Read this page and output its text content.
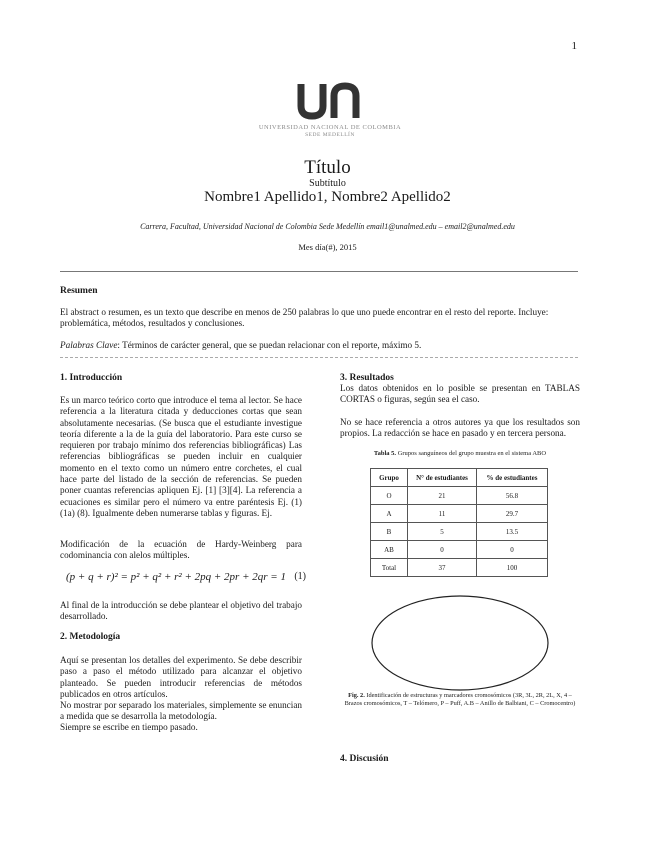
1
UNIVERSIDAD NACIONAL DE COLOMBIA
SEDE MEDELLÍN
Título
Subtítulo
Nombre1 Apellido1, Nombre2 Apellido2
Carrera, Facultad, Universidad Nacional de Colombia Sede Medellín email1@unalmed.edu – email2@unalmed.edu
Mes día(#), 2015
Resumen
El abstract o resumen, es un texto que describe en menos de 250 palabras lo que uno puede encontrar en el resto del reporte. Incluye: problemática, métodos, resultados y conclusiones.
Palabras Clave: Términos de carácter general, que se puedan relacionar con el reporte, máximo 5.
1. Introducción
Es un marco teórico corto que introduce el tema al lector. Se hace referencia a la literatura citada y deducciones cortas que sean absolutamente necesarias. (Se busca que el estudiante investigue teoría diferente a la de la guía del laboratorio. Para este curso se requieren por trabajo mínimo dos referencias bibliográficas) Las referencias bibliográficas se pueden incluir en cualquier momento en el texto como un número entre corchetes, el cual hace parte del listado de la sección de referencias. Se pueden poner cuantas referencias apliquen Ej. [1] [3][4]. La referencia a ecuaciones es similar pero el número va entre paréntesis Ej. (1) (1a) (8). Igualmente deben numerarse tablas y figuras. Ej.
Modificación de la ecuación de Hardy-Weinberg para codominancia con alelos múltiples.
(p + q + r)² = p² + q² + r² + 2pq + 2pr + 2qr = 1 (1)
Al final de la introducción se debe plantear el objetivo del trabajo desarrollado.
2. Metodología
Aquí se presentan los detalles del experimento. Se debe describir paso a paso el método utilizado para alcanzar el objetivo planteado. Se pueden introducir referencias de métodos publicados en otros artículos.
No mostrar por separado los materiales, simplemente se enuncian a medida que se desarrolla la metodología.
Siempre se escribe en tiempo pasado.
3. Resultados
Los datos obtenidos en lo posible se presentan en TABLAS CORTAS o figuras, según sea el caso.
No se hace referencia a otros autores ya que los resultados son propios. La redacción se hace en pasado y en tercera persona.
Tabla 5. Grupos sanguíneos del grupo muestra en el sistema ABO
Grupo	N° de estudiantes	% de estudiantes
O	21	56.8
A	11	29.7
B	5	13.5
AB	0	0
Total	37	100
Fig. 2. Identificación de estructuras y marcadores cromosómicos (3R, 3L, 2R, 2L, X, 4 – Brazos cromosómicos, T – Telómero, P – Puff, A.B – Anillo de Balbiani, C – Cromocentro)
4. Discusión
